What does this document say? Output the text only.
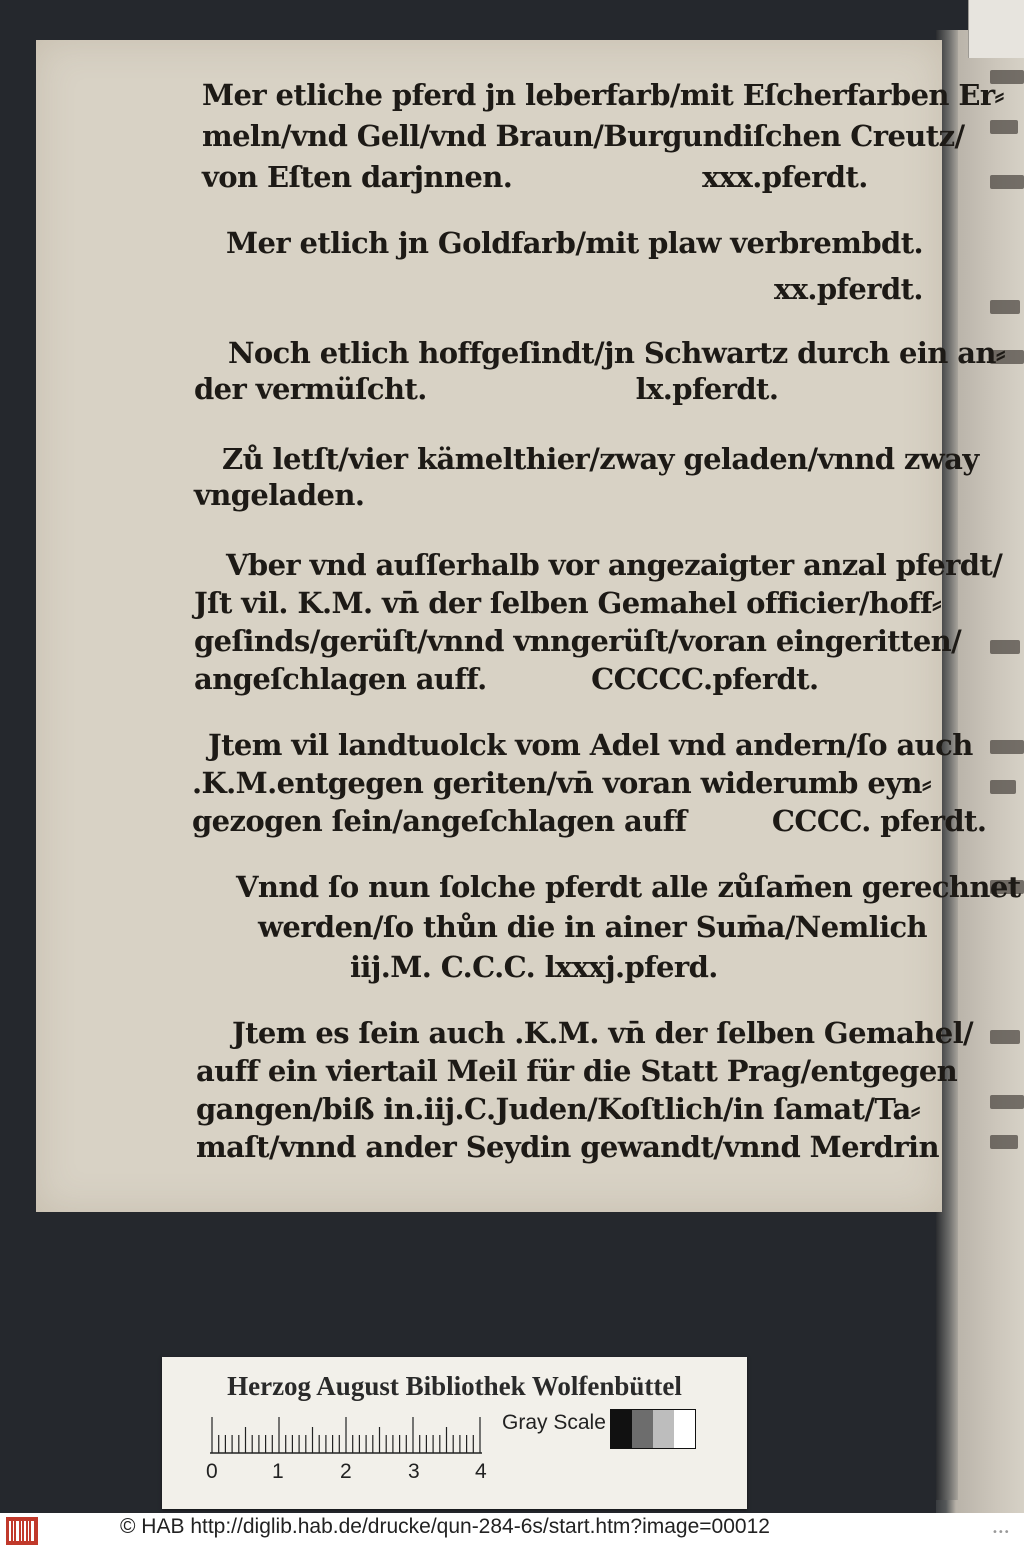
Mer etliche pferd jn leberfarb/mit Eſcherfarben Er⸗
meln/vnd Gell/vnd Braun/Burgundiſchen Creutz/
von Eſten darjnnen.                    xxx.pferdt.
Mer etlich jn Goldfarb/mit plaw verbrembdt.
xx.pferdt.
Noch etlich hoffgeſindt/jn Schwartz durch ein an⸗
der vermüſcht.                      lx.pferdt.
Zů letſt/vier kämelthier/zway geladen/vnnd zway
vngeladen.
Vber vnd auſſerhalb vor angezaigter anzal pferdt/
Jſt vil. K.M. vn̄ der ſelben Gemahel officier/hoff⸗
geſinds/gerüſt/vnnd vnngerüſt/voran eingeritten/
angeſchlagen auff.           CCCCC.pferdt.
Jtem vil landtuolck vom Adel vnd andern/ſo auch
.K.M.entgegen geriten/vn̄ voran widerumb eyn⸗
gezogen ſein/angeſchlagen auff         CCCC. pferdt.
Vnnd ſo nun ſolche pferdt alle zůſam̄en gerechnet
werden/ſo thůn die in ainer Sum̄a/Nemlich
iij.M. C.C.C. lxxxj.pferd.
Jtem es ſein auch .K.M. vn̄ der ſelben Gemahel/
auff ein viertail Meil für die Statt Prag/entgegen
gangen/biß in.iij.C.Juden/Koſtlich/in ſamat/Ta⸗
maſt/vnnd ander Seydin gewandt/vnnd Merdrin
Herzog August Bibliothek Wolfenbüttel
0	1	2	3	4
Gray Scale
© HAB http://diglib.hab.de/drucke/qun-284-6s/start.htm?image=00012	•••
